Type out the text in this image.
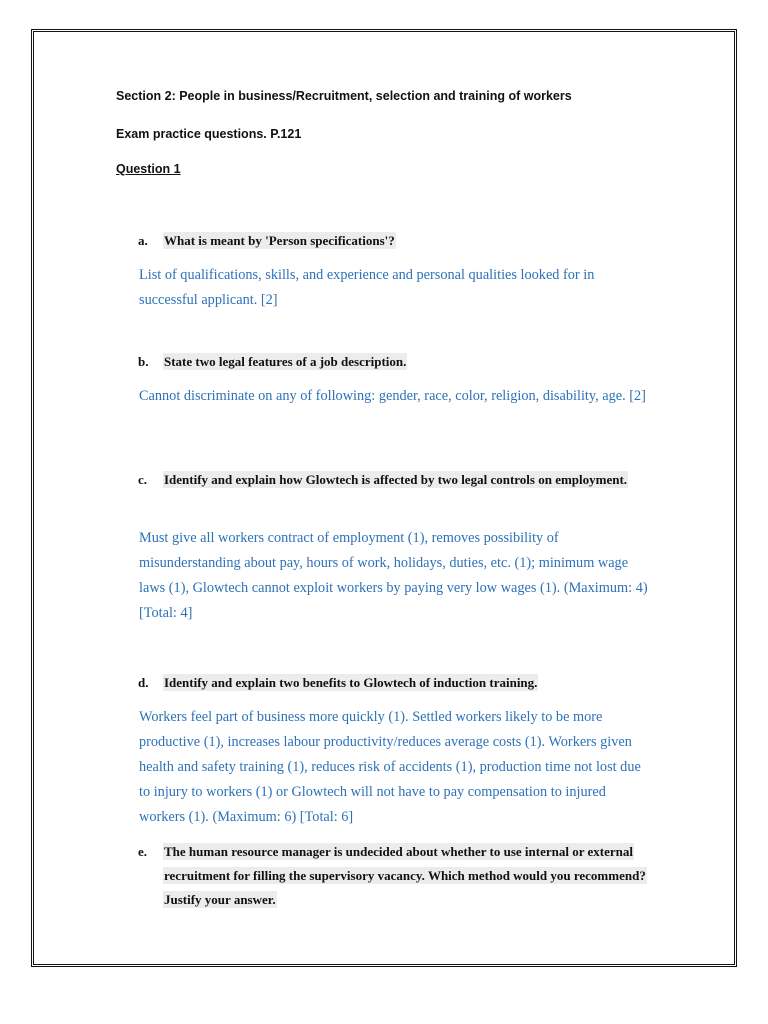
Section 2: People in business/Recruitment, selection and training of workers
Exam practice questions. P.121
Question 1
a. What is meant by 'Person specifications'?

List of qualifications, skills, and experience and personal qualities looked for in successful applicant. [2]

b. State two legal features of a job description.

Cannot discriminate on any of following: gender, race, color, religion, disability, age. [2]

c. Identify and explain how Glowtech is affected by two legal controls on employment.

Must give all workers contract of employment (1), removes possibility of misunderstanding about pay, hours of work, holidays, duties, etc. (1); minimum wage laws (1), Glowtech cannot exploit workers by paying very low wages (1). (Maximum: 4) [Total: 4]

d. Identify and explain two benefits to Glowtech of induction training.

Workers feel part of business more quickly (1). Settled workers likely to be more productive (1), increases labour productivity/reduces average costs (1). Workers given health and safety training (1), reduces risk of accidents (1), production time not lost due to injury to workers (1) or Glowtech will not have to pay compensation to injured workers (1). (Maximum: 6) [Total: 6]

e. The human resource manager is undecided about whether to use internal or external recruitment for filling the supervisory vacancy. Which method would you recommend? Justify your answer.
